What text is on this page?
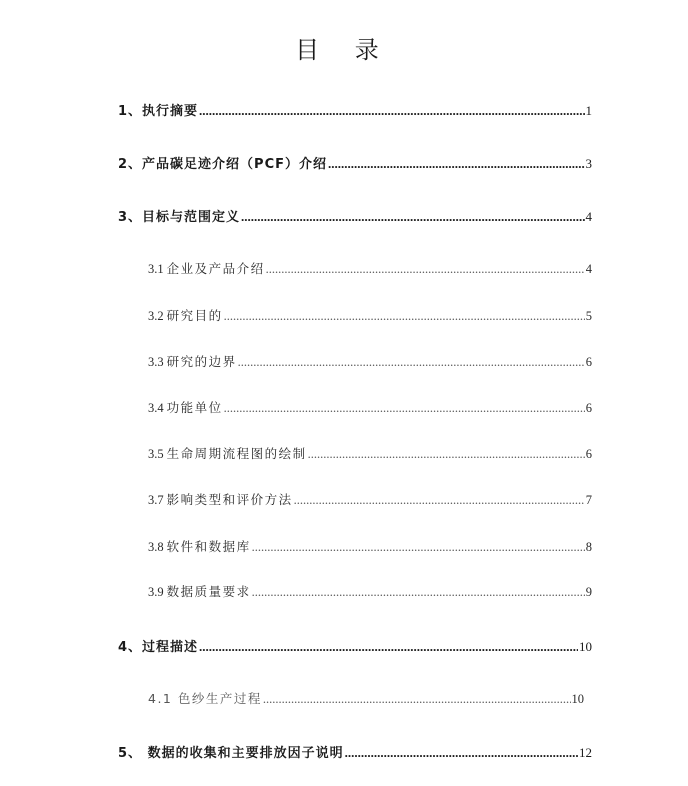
目 录
1、执行摘要 .....	1
2、产品碳足迹介绍（PCF）介绍 .....	3
3、目标与范围定义 .....	4
3.1 企业及产品介绍 .....	4
3.2 研究目的 .....	5
3.3 研究的边界 .....	6
3.4 功能单位 .....	6
3.5 生命周期流程图的绘制 .....	6
3.7 影响类型和评价方法 .....	7
3.8 软件和数据库 .....	8
3.9 数据质量要求 .....	9
4、过程描述 .....	10
4.1 色纱生产过程 .....	10
5、 数据的收集和主要排放因子说明 .....	12
